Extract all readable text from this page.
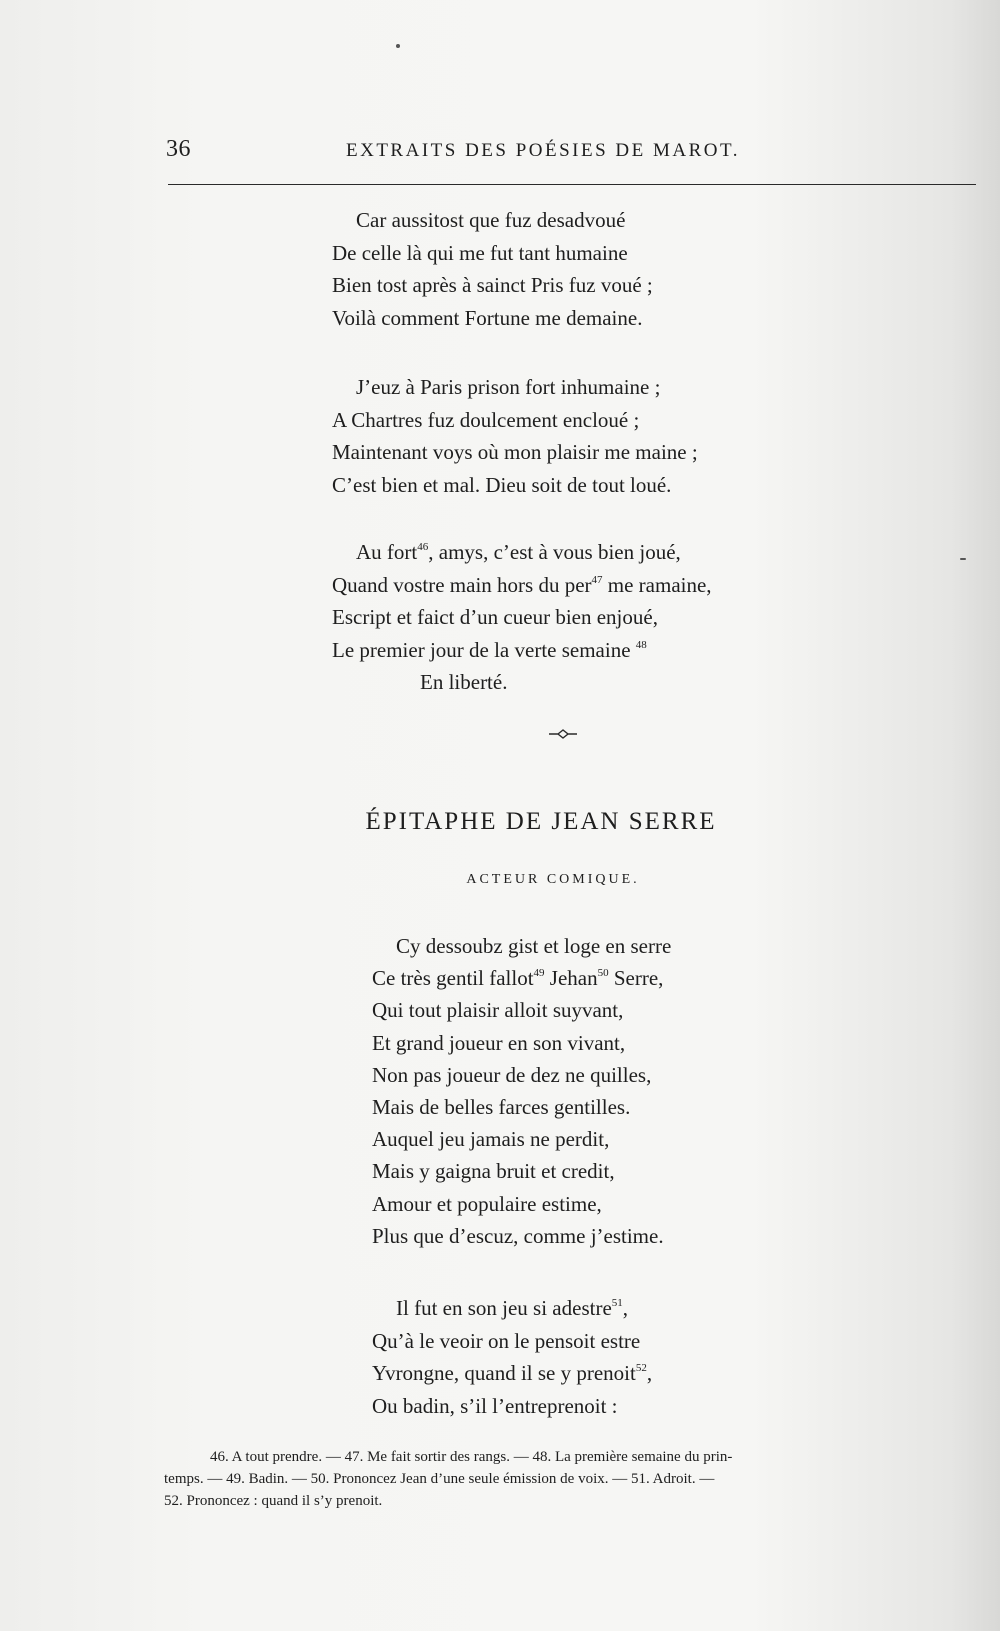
36	EXTRAITS DES POÉSIES DE MAROT.
Car aussitost que fuz desadvoué
De celle là qui me fut tant humaine
Bien tost après à sainct Pris fuz voué ;
Voilà comment Fortune me demaine.
J’euz à Paris prison fort inhumaine ;
A Chartres fuz doulcement encloué ;
Maintenant voys où mon plaisir me maine ;
C’est bien et mal. Dieu soit de tout loué.
Au fort$^{46}$, amys, c’est à vous bien joué,
Quand vostre main hors du per$^{47}$ me ramaine,
Escript et faict d’un cueur bien enjoué,
Le premier jour de la verte semaine $^{48}$
En liberté.
ÉPITAPHE DE JEAN SERRE
ACTEUR COMIQUE.
Cy dessoubz gist et loge en serre
Ce très gentil fallot$^{49}$ Jehan$^{50}$ Serre,
Qui tout plaisir alloit suyvant,
Et grand joueur en son vivant,
Non pas joueur de dez ne quilles,
Mais de belles farces gentilles.
Auquel jeu jamais ne perdit,
Mais y gaigna bruit et credit,
Amour et populaire estime,
Plus que d’escuz, comme j’estime.
Il fut en son jeu si adestre$^{51}$,
Qu’à le veoir on le pensoit estre
Yvrongne, quand il se y prenoit$^{52}$,
Ou badin, s’il l’entreprenoit :
46. A tout prendre. — 47. Me fait sortir des rangs. — 48. La première semaine du prin-
temps. — 49. Badin. — 50. Prononcez Jean d’une seule émission de voix. — 51. Adroit. —
52. Prononcez : quand il s’y prenoit.
